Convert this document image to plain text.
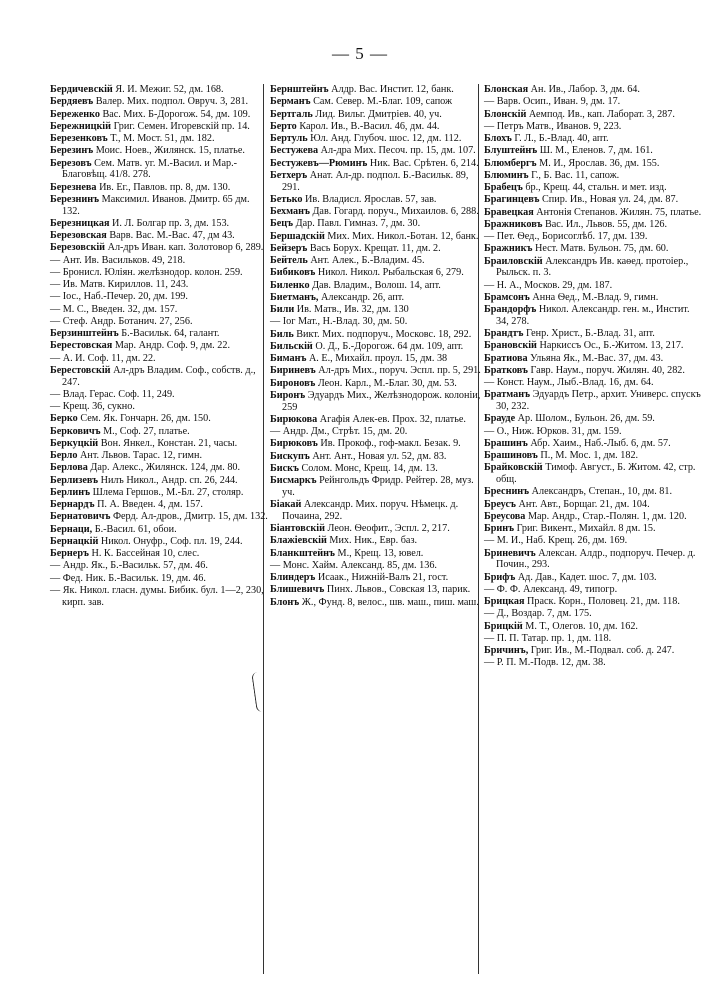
— 5 —
Бердичевскій Я. И. Межиг. 52, дм. 168.
Бердяевъ Валер. Мих. подпол. Овруч. 3, 281.
Береженко Вас. Мих. Б-Дорогож. 54, дм. 109.
Бережницкій Григ. Семен. Игоревскій пр. 14.
Березенковъ Т., М. Мост. 51, дм. 182.
Березинъ Моис. Ноев., Жилянск. 15, платье.
Березовъ Сем. Матв. уг. М.-Васил. и Мар.-Благовѣщ. 41/8. 278.
Березнева Ив. Ег., Павлов. пр. 8, дм. 130.
Березнинъ Максимил. Иванов. Дмитр. 65 дм. 132.
Березницкая И. Л. Болгар пр. 3, дм. 153.
Березовская Варв. Вас. М.-Вас. 47, дм 43.
Березовскій Ал-дръ Иван. кап. Золотовор 6, 289.
— Ант. Ив. Васильков. 49, 218.
— Бронисл. Юліян. желѣзнодор. колон. 259.
— Ив. Матв. Кириллов. 11, 243.
— Іос., Наб.-Печер. 20, дм. 199.
— М. С., Введен. 32, дм. 157.
— Стеф. Андр. Ботанич. 27, 256.
Берзинштейнъ Б.-Васильк. 64, галант.
Берестовская Мар. Андр. Соф. 9, дм. 22.
— А. И. Соф. 11, дм. 22.
Берестовскій Ал-дръ Владим. Соф., собств. д., 247.
— Влад. Герас. Соф. 11, 249.
— Крещ. 36, сукно.
Берко Сем. Як. Гончарн. 26, дм. 150.
Берковичъ М., Соф. 27, платье.
Беркуцкій Вон. Янкел., Констан. 21, часы.
Берло Ант. Львов. Тарас. 12, гимн.
Берлова Дар. Алекс., Жилянск. 124, дм. 80.
Берлизевъ Нилъ Никол., Андр. сп. 26, 244.
Берлинъ Шлема Гершов., М.-Бл. 27, столяр.
Бернардъ П. А. Введен. 4, дм. 157.
Бернатовичъ Ферд. Ал-дров., Дмитр. 15, дм. 132.
Бернаци, Б.-Васил. 61, обои.
Бернацкій Никол. Онуфр., Соф. пл. 19, 244.
Бернеръ Н. К. Бассейная 10, слес.
— Андр. Як., Б.-Васильк. 57, дм. 46.
— Фед. Ник. Б.-Васильк. 19, дм. 46.
— Як. Никол. гласн. думы. Бибик. бул. 1—2, 230, кирп. зав.
Бернштейнъ Алдр. Вас. Инстит. 12, банк.
Берманъ Сам. Север. М.-Благ. 109, сапож
Бертгаль Лид. Вильг. Дмитріев. 40, уч.
Берто Карол. Ив., В.-Васил. 46, дм. 44.
Бертуль Юл. Анд. Глубоч. шос. 12, дм. 112.
Бестужева Ал-дра Мих. Песоч. пр. 15, дм. 107.
Бестужевъ—Рюминъ Ник. Вас. Срѣтен. 6, 214.
Бетхеръ Анат. Ал-др. подпол. Б.-Васильк. 89, 291.
Бетько Ив. Владисл. Ярослав. 57, зав.
Бехманъ Дав. Гогард. поруч., Михаилов. 6, 288.
Бецъ Дар. Павл. Гимназ. 7, дм. 30.
Бершадскій Мих. Мих. Никол.-Ботан. 12, банк.
Бейзеръ Вась Борух. Крещат. 11, дм. 2.
Бейтель Ант. Алек., Б.-Владим. 45.
Бибиковъ Никол. Никол. Рыбальская 6, 279.
Биленко Дав. Владим., Волош. 14, апт.
Биетманъ, Александр. 26, апт.
Били Ив. Матв., Ив. 32, дм. 130
— Іог Мат., Н.-Влад. 30, дм. 50.
Биль Викт. Мих. подпоруч., Московс. 18, 292.
Бильскій О. Д., Б.-Дорогож. 64 дм. 109, апт.
Биманъ А. Е., Михайл. проул. 15, дм. 38
Бириневъ Ал-дръ Мих., поруч. Эспл. пр. 5, 291.
Бироновъ Леон. Карл., М.-Благ. 30, дм. 53.
Биронъ Эдуардъ Мих., Желѣзнодорож. колоніи, 259
Бирюкова Агафія Алек-ев. Прох. 32, платье.
— Андр. Дм., Стрѣт. 15, дм. 20.
Бирюковъ Ив. Прокоф., гоф-макл. Безак. 9.
Бискупъ Ант. Ант., Новая ул. 52, дм. 83.
Бискъ Солом. Монс, Крещ. 14, дм. 13.
Бисмаркъ Рейнгольдъ Фридр. Рейтер. 28, муз. уч.
Біакай Александр. Мих. поруч. Нѣмецк. д. Почаина, 292.
Біантовскій Леон. Ѳеофит., Эспл. 2, 217.
Блажіевскій Мих. Ник., Евр. баз.
Бланкштейнъ М., Крещ. 13, ювел.
— Монс. Хайм. Александ. 85, дм. 136.
Блиндеръ Исаак., Нижній-Валъ 21, гост.
Блишевичъ Пинх. Львов., Совская 13, парик.
Блонъ Ж., Фунд. 8, велос., шв. маш., пиш. маш.
Блонская Ан. Ив., Лабор. 3, дм. 64.
— Варв. Осип., Иван. 9, дм. 17.
Блонскій Аемпод. Ив., кап. Лаборат. 3, 287.
— Петръ Матв., Иванов. 9, 223.
Блохъ Г. Л., Б.-Влад. 40, апт.
Блуштейнъ Ш. М., Еленов. 7, дм. 161.
Блюмбергъ М. И., Ярослав. 36, дм. 155.
Блюминъ Г., Б. Вас. 11, сапож.
Брабецъ бр., Крещ. 44, стальн. и мет. изд.
Брагинцевъ Спир. Ив., Новая ул. 24, дм. 87.
Бравецкая Антонія Степанов. Жилян. 75, платье.
Бражниковъ Вас. Ил., Львов. 55, дм. 126.
— Пет. Ѳед., Борисоглѣб. 17, дм. 139.
Бражникъ Нест. Матв. Бульон. 75, дм. 60.
Браиловскій Александръ Ив. каѳед. протоіер., Рыльск. п. 3.
— Н. А., Москов. 29, дм. 187.
Брамсонъ Анна Ѳед., М.-Влад. 9, гимн.
Брандорфъ Никол. Александр. ген. м., Инстит. 34, 278.
Брандтъ Генр. Христ., Б.-Влад. 31, апт.
Брановскій Наркиссъ Ос., Б.-Житом. 13, 217.
Братиова Ульяна Як., М.-Вас. 37, дм. 43.
Братковъ Гавр. Наум., поруч. Жилян. 40, 282.
— Конст. Наум., Лыб.-Влад. 16, дм. 64.
Братманъ Эдуардъ Петр., архит. Универс. спускъ 30, 232.
Брауде Ар. Шолом., Бульон. 26, дм. 59.
— О., Ниж. Юрков. 31, дм. 159.
Брашинъ Абр. Хаим., Наб.-Лыб. 6, дм. 57.
Брашиновъ П., М. Мос. 1, дм. 182.
Брайковскій Тимоф. Август., Б. Житом. 42, стр. общ.
Бреснинъ Александръ, Степан., 10, дм. 81.
Бреусъ Ант. Авт., Борщаг. 21, дм. 104.
Бреусова Мар. Андр., Стар.-Полян. 1, дм. 120.
Бринъ Григ. Викент., Михайл. 8 дм. 15.
— М. И., Наб. Крещ. 26, дм. 169.
Бриневичъ Алексан. Алдр., подпоруч. Печер. д. Почин., 293.
Брифъ Ад. Дав., Кадет. шос. 7, дм. 103.
— Ф. Ф. Александ. 49, типогр.
Брицкая Праск. Корн., Половец. 21, дм. 118.
— Д., Воздар. 7, дм. 175.
Брицкій М. Т., Олегов. 10, дм. 162.
— П. П. Татар. пр. 1, дм. 118.
Бричинъ, Григ. Ив., М.-Подвал. соб. д. 247.
— Р. П. М.-Подв. 12, дм. 38.
